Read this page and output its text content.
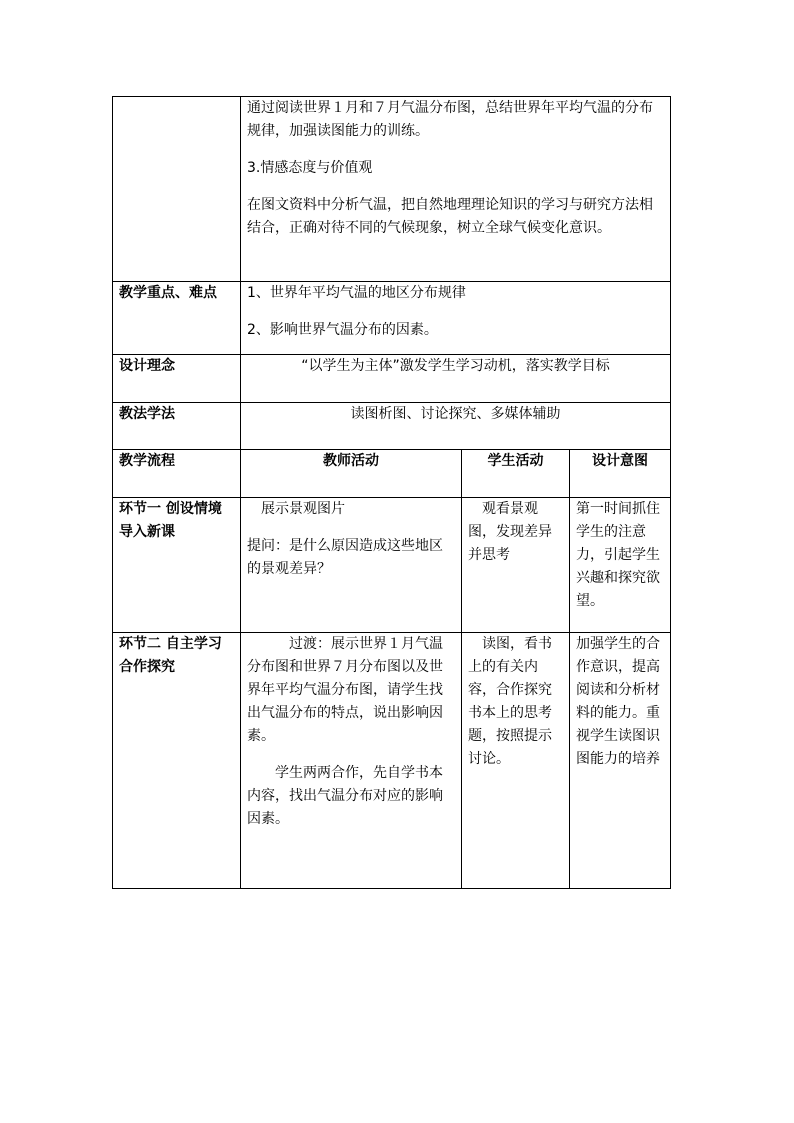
	通过阅读世界１月和７月气温分布图，总结世界年平均气温的分布规律，加强读图能力的训练。

3.情感态度与价值观

在图文资料中分析气温，把自然地理理论知识的学习与研究方法相结合，正确对待不同的气候现象，树立全球气候变化意识。		

教学重点、难点	1、世界年平均气温的地区分布规律

2、影响世界气温分布的因素。		

设计理念	“以学生为主体”激发学生学习动机，落实教学目标		
教法学法	读图析图、讨论探究、多媒体辅助		
教学流程	教师活动	学生活动	设计意图
环节一 创设情境 导入新课	展示景观图片

提问：是什么原因造成这些地区的景观差异？	观看景观图，发现差异并思考	第一时间抓住学生的注意力，引起学生兴趣和探究欲望。
环节二 自主学习 合作探究	过渡：展示世界１月气温分布图和世界７月分布图以及世界年平均气温分布图，请学生找出气温分布的特点，说出影响因素。

学生两两合作，先自学书本内容，找出气温分布对应的影响因素。	读图，看书上的有关内容，合作探究书本上的思考题，按照提示讨论。	加强学生的合作意识，提高阅读和分析材料的能力。重视学生读图识图能力的培养
